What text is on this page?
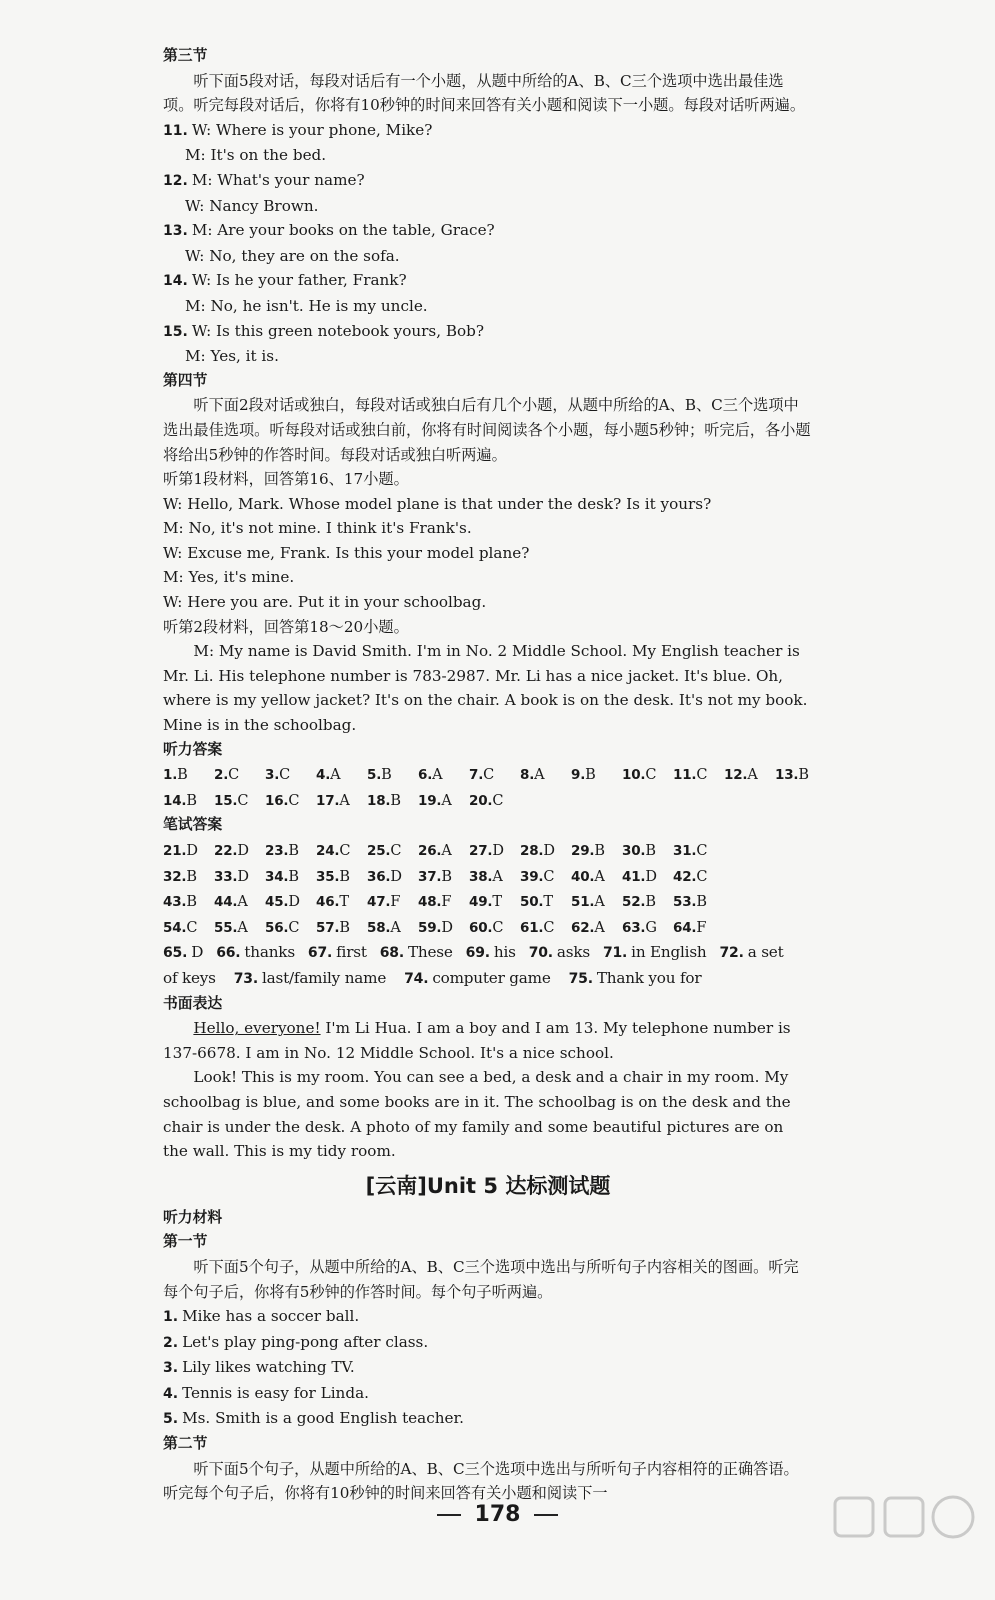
第三节
听下面5段对话，每段对话后有一个小题，从题中所给的A、B、C三个选项中选出最佳选项。听完每段对话后，你将有10秒钟的时间来回答有关小题和阅读下一小题。每段对话听两遍。
11. W: Where is your phone, Mike?
M: It's on the bed.
12. M: What's your name?
W: Nancy Brown.
13. M: Are your books on the table, Grace?
W: No, they are on the sofa.
14. W: Is he your father, Frank?
M: No, he isn't. He is my uncle.
15. W: Is this green notebook yours, Bob?
M: Yes, it is.
第四节
听下面2段对话或独白，每段对话或独白后有几个小题，从题中所给的A、B、C三个选项中选出最佳选项。听每段对话或独白前，你将有时间阅读各个小题，每小题5秒钟；听完后，各小题将给出5秒钟的作答时间。每段对话或独白听两遍。
听第1段材料，回答第16、17小题。
W: Hello, Mark. Whose model plane is that under the desk? Is it yours?
M: No, it's not mine. I think it's Frank's.
W: Excuse me, Frank. Is this your model plane?
M: Yes, it's mine.
W: Here you are. Put it in your schoolbag.
听第2段材料，回答第18～20小题。
M: My name is David Smith. I'm in No. 2 Middle School. My English teacher is Mr. Li. His telephone number is 783-2987. Mr. Li has a nice jacket. It's blue. Oh, where is my yellow jacket? It's on the chair. A book is on the desk. It's not my book. Mine is in the schoolbag.
听力答案
1.B 2.C 3.C 4.A 5.B 6.A 7.C 8.A 9.B 10.C 11.C 12.A 13.B
14.B 15.C 16.C 17.A 18.B 19.A 20.C
笔试答案
21.D 22.D 23.B 24.C 25.C 26.A 27.D 28.D 29.B 30.B 31.C
32.B 33.D 34.B 35.B 36.D 37.B 38.A 39.C 40.A 41.D 42.C
43.B 44.A 45.D 46.T 47.F 48.F 49.T 50.T 51.A 52.B 53.B
54.C 55.A 56.C 57.B 58.A 59.D 60.C 61.C 62.A 63.G 64.F
65. D 66. thanks 67. first 68. These 69. his 70. asks 71. in English 72. a set
of keys 73. last/family name 74. computer game 75. Thank you for
书面表达
Hello, everyone! I'm Li Hua. I am a boy and I am 13. My telephone number is 137-6678. I am in No. 12 Middle School. It's a nice school.
Look! This is my room. You can see a bed, a desk and a chair in my room. My schoolbag is blue, and some books are in it. The schoolbag is on the desk and the chair is under the desk. A photo of my family and some beautiful pictures are on the wall. This is my tidy room.
[云南]Unit 5 达标测试题
听力材料
第一节
听下面5个句子，从题中所给的A、B、C三个选项中选出与所听句子内容相关的图画。听完每个句子后，你将有5秒钟的作答时间。每个句子听两遍。
1. Mike has a soccer ball.
2. Let's play ping-pong after class.
3. Lily likes watching TV.
4. Tennis is easy for Linda.
5. Ms. Smith is a good English teacher.
第二节
听下面5个句子，从题中所给的A、B、C三个选项中选出与所听句子内容相符的正确答语。听完每个句子后，你将有10秒钟的时间来回答有关小题和阅读下一
178
